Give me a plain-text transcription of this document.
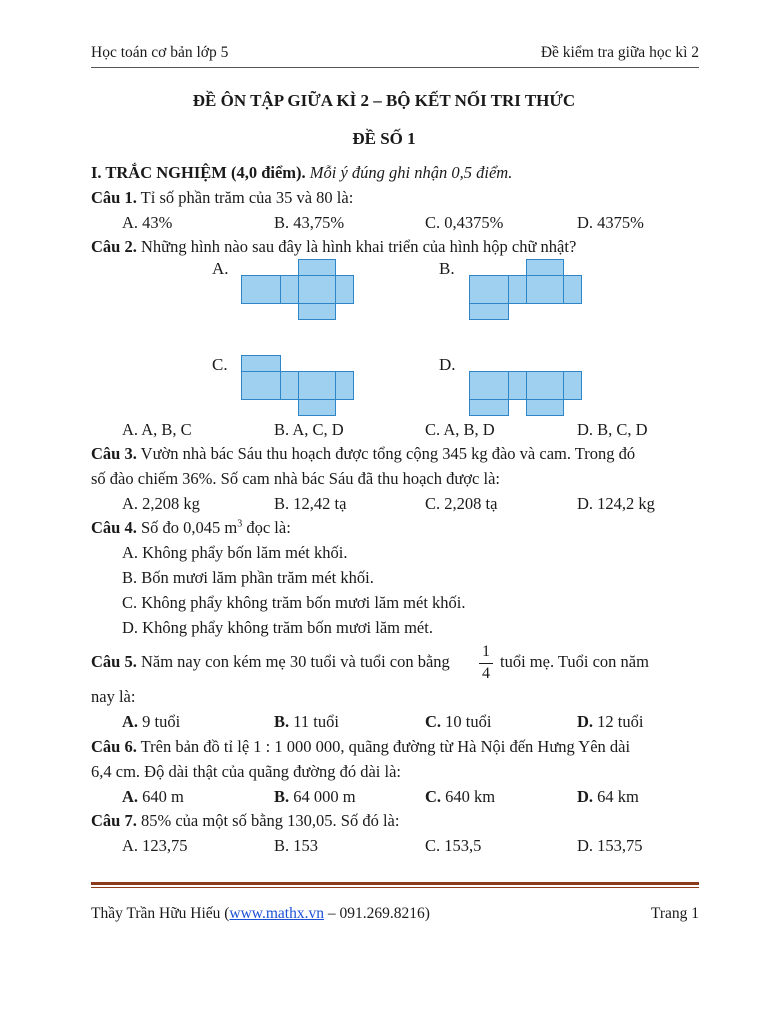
Học toán cơ bản lớp 5	Đề kiểm tra giữa học kì 2
ĐỀ ÔN TẬP GIỮA KÌ 2 – BỘ KẾT NỐI TRI THỨC
ĐỀ SỐ 1
I. TRẮC NGHIỆM (4,0 điểm). Mỗi ý đúng ghi nhận 0,5 điểm.
Câu 1. Tỉ số phần trăm của 35 và 80 là:
A. 43%	B. 43,75%	C. 0,4375%	D. 4375%
Câu 2. Những hình nào sau đây là hình khai triển của hình hộp chữ nhật?
A.	B.
C.	D.
A. A, B, C	B. A, C, D	C. A, B, D	D. B, C, D
Câu 3. Vườn nhà bác Sáu thu hoạch được tổng cộng 345 kg đào và cam. Trong đó
số đào chiếm 36%. Số cam nhà bác Sáu đã thu hoạch được là:
A. 2,208 kg	B. 12,42 tạ	C. 2,208 tạ	D. 124,2 kg
Câu 4. Số đo 0,045 $m^3$ đọc là:
A. Không phẩy bốn lăm mét khối.
B. Bốn mươi lăm phần trăm mét khối.
C. Không phẩy không trăm bốn mươi lăm mét khối.
D. Không phẩy không trăm bốn mươi lăm mét.
Câu 5. Năm nay con kém mẹ 30 tuổi và tuổi con bằng
1
4
tuổi mẹ. Tuổi con năm
nay là:
A. 9 tuổi	B. 11 tuổi	C. 10 tuổi	D. 12 tuổi
Câu 6. Trên bản đồ tỉ lệ 1 : 1 000 000, quãng đường từ Hà Nội đến Hưng Yên dài
6,4 cm. Độ dài thật của quãng đường đó dài là:
A. 640 m	B. 64 000 m	C. 640 km	D. 64 km
Câu 7. 85% của một số bằng 130,05. Số đó là:
A. 123,75	B. 153	C. 153,5	D. 153,75
Thầy Trần Hữu Hiếu (www.mathx.vn – 091.269.8216)	Trang 1
